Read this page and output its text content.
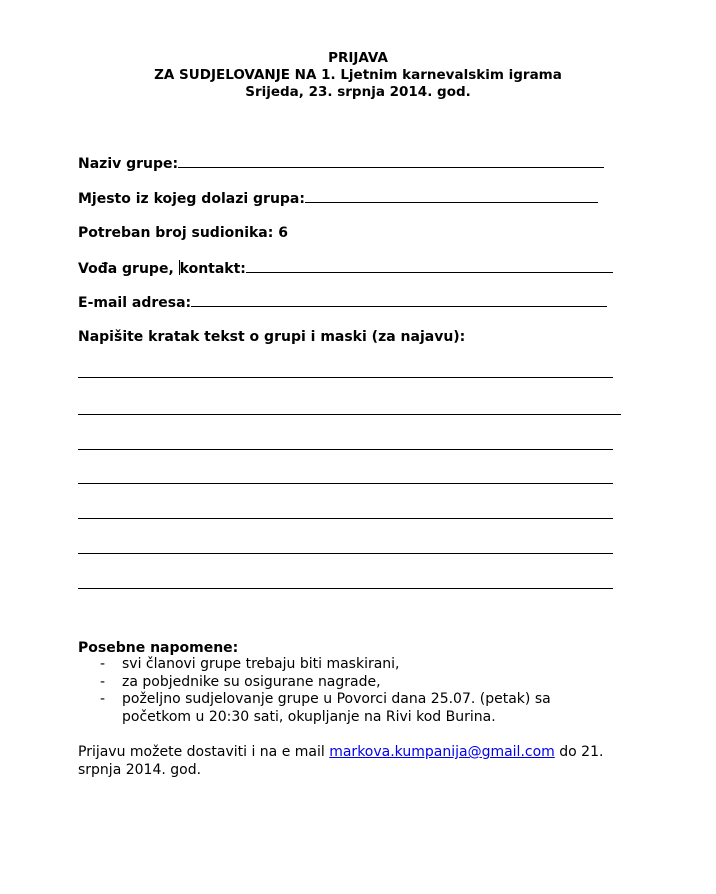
PRIJAVA
ZA SUDJELOVANJE NA 1. Ljetnim karnevalskim igrama
Srijeda, 23. srpnja 2014. god.
Naziv grupe:
Mjesto iz kojeg dolazi grupa:
Potreban broj sudionika: 6
Vođa grupe, kontakt:
E-mail adresa:
Napišite kratak tekst o grupi i maski (za najavu):
Posebne napomene:
- svi članovi grupe trebaju biti maskirani,
- za pobjednike su osigurane nagrade,
- poželjno sudjelovanje grupe u Povorci dana 25.07. (petak) sa početkom u 20:30 sati, okupljanje na Rivi kod Burina.
Prijavu možete dostaviti i na e mail markova.kumpanija@gmail.com do 21. srpnja 2014. god.
